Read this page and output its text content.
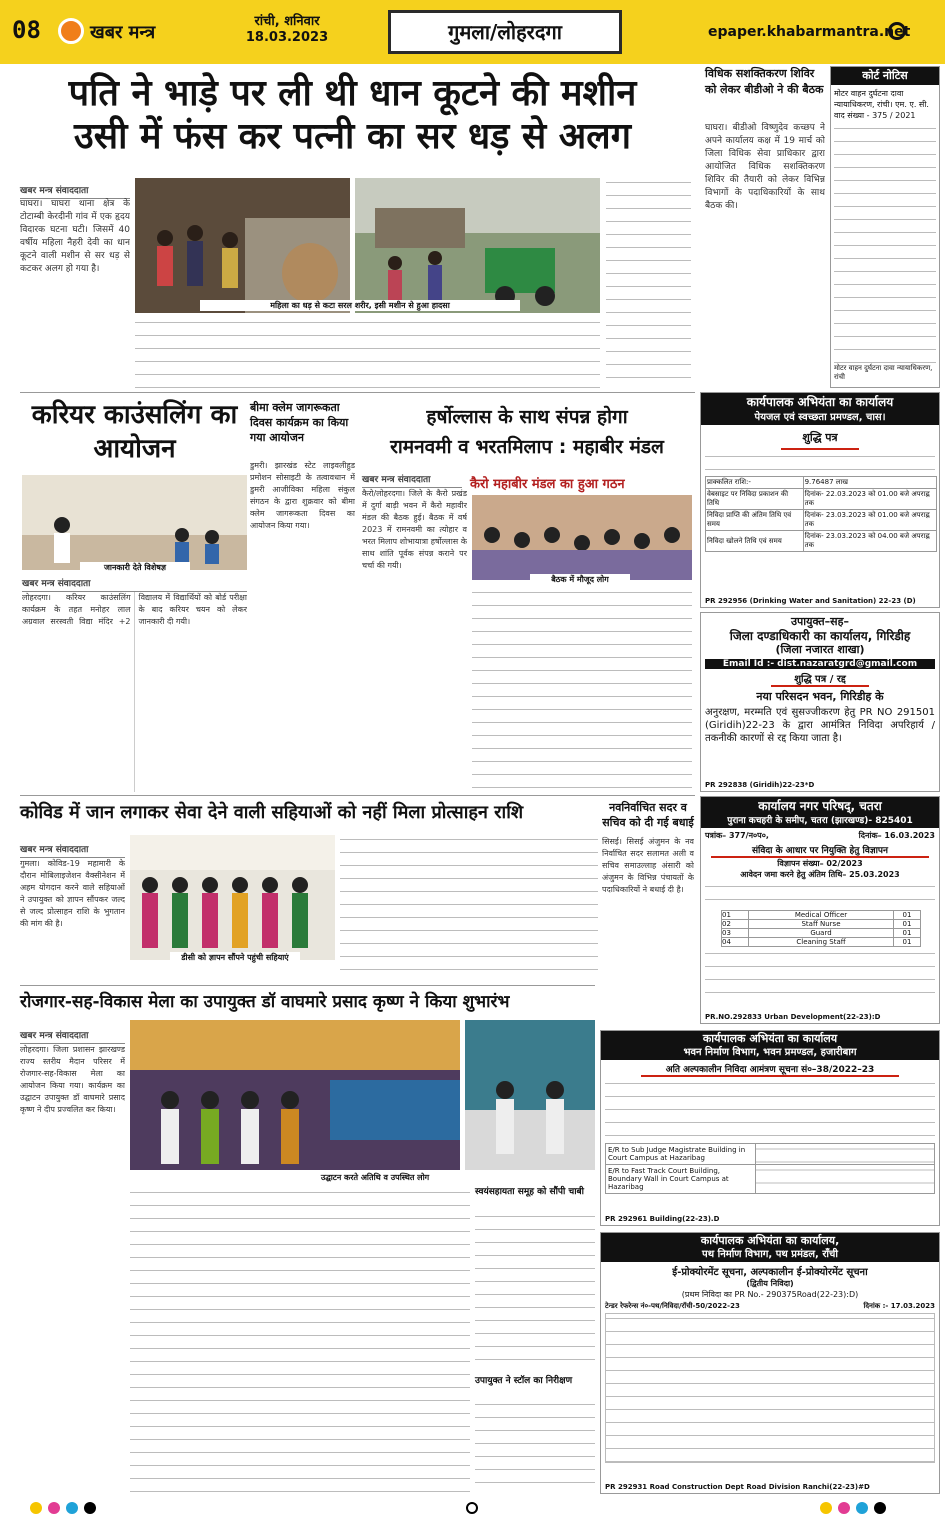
08	खबर मन्त्र
रांची, शनिवार
18.03.2023	गुमला/लोहरदगा	epaper.khabarmantra.net
पति ने भाड़े पर ली थी धान कूटने की मशीन
उसी में फंस कर पत्नी का सर धड़ से अलग
खबर मन्त्र संवाददाता
घाघरा। घाघरा थाना क्षेत्र के टोटाम्बी केरदीनी गांव में एक हृदय विदारक घटना घटी। जिसमें 40 वर्षीय महिला नैहरी देवी का धान कूटने वाली मशीन से सर धड़ से कटकर अलग हो गया है।
महिला का धड़ से कटा सरल शरीर, इसी मशीन से हुआ हादसा
विधिक सशक्तिकरण शिविर को लेकर बीडीओ ने की बैठक
घाघरा। बीडीओ विष्णुदेव कच्छप ने अपने कार्यालय कक्ष में 19 मार्च को जिला विधिक सेवा प्राधिकार द्वारा आयोजित विधिक सशक्तिकरण शिविर की तैयारी को लेकर विभिन्न विभागों के पदाधिकारियों के साथ बैठक की।
कोर्ट नोटिस
मोटर वाहन दुर्घटना दावा न्यायाधिकरण, रांची। एम. ए. सी. वाद संख्या - 375 / 2021
मोटर वाहन दुर्घटना दावा न्यायाधिकरण, रांची
करियर काउंसलिंग का आयोजन
जानकारी देते विशेषज्ञ
खबर मन्त्र संवाददाता
लोहरदगा। करियर काउंसलिंग कार्यक्रम के तहत मनोहर लाल अग्रवाल सरस्वती विद्या मंदिर +2 विद्यालय में विद्यार्थियों को बोर्ड परीक्षा के बाद करियर चयन को लेकर जानकारी दी गयी।
बीमा क्लेम जागरूकता दिवस कार्यक्रम का किया गया आयोजन
डुमरी। झारखंड स्टेट लाइवलीहुड प्रमोशन सोसाइटी के तत्वावधान में डुमरी आजीविका महिला संकुल संगठन के द्वारा शुक्रवार को बीमा क्लेम जागरूकता दिवस का आयोजन किया गया।
हर्षोल्लास के साथ संपन्न होगा
रामनवमी व भरतमिलाप : महाबीर मंडल
खबर मन्त्र संवाददाता	कैरो महाबीर मंडल का हुआ गठन
कैरो/लोहरदगा। जिले के कैरो प्रखंड में दुर्गा बाड़ी भवन में कैरो महावीर मंडल की बैठक हुई। बैठक में वर्ष 2023 में रामनवमी का त्योहार व भरत मिलाप शोभायात्रा हर्षोल्लास के साथ शांति पूर्वक संपन्न कराने पर चर्चा की गयी।
बैठक में मौजूद लोग
कार्यपालक अभियंता का कार्यालय
पेयजल एवं स्वच्छता प्रमण्डल, चास।
शुद्धि पत्र
प्राक्कलित राशि:-	9.76487 लाख
वेबसाइट पर निविदा प्रकाशन की तिथि	दिनांक- 22.03.2023 को 01.00 बजे अपराह्न तक
निविदा प्राप्ति की अंतिम तिथि एवं समय	दिनांक- 23.03.2023 को 01.00 बजे अपराह्न तक
निविदा खोलने तिथि एवं समय	दिनांक- 23.03.2023 को 04.00 बजे अपराह्न तक
PR 292956 (Drinking Water and Sanitation) 22-23 (D)
उपायुक्त–सह–
जिला दण्डाधिकारी का कार्यालय, गिरिडीह
(जिला नजारत शाखा)
Email Id :- dist.nazaratgrd@gmail.com
शुद्धि पत्र / रद्द
नया परिसदन भवन, गिरिडीह के
अनुरक्षण, मरम्मति एवं सुसज्जीकरण हेतु PR NO 291501 (Giridih)22-23 के द्वारा आमंत्रित निविदा अपरिहार्य / तकनीकी कारणों से रद्द किया जाता है।
PR 292838 (Giridih)22-23*D
कोविड में जान लगाकर सेवा देने वाली सहियाओं को नहीं मिला प्रोत्साहन राशि
खबर मन्त्र संवाददाता
गुमला। कोविड-19 महामारी के दौरान मोबिलाइजेशन वैक्सीनेशन में अहम योगदान करने वाले सहियाओं ने उपायुक्त को ज्ञापन सौंपकर जल्द से जल्द प्रोत्साहन राशि के भुगतान की मांग की है।
डीसी को ज्ञापन सौंपने पहुंची सहियाएं
नवनिर्वाचित सदर व सचिव को दी गई बधाई
सिसई। सिसई अंजुमन के नव निर्वाचित सदर सलामत अली व सचिव समाउल्लाह अंसारी को अंजुमन के विभिन्न पंचायतों के पदाधिकारियों ने बधाई दी है।
कार्यालय नगर परिषद्, चतरा
पुराना कचहरी के समीप, चतरा (झारखण्ड)- 825401
पत्रांक– 377/न०प०,	दिनांक– 16.03.2023
संविदा के आधार पर नियुक्ति हेतु विज्ञापन
विज्ञापन संख्या– 02/2023
आवेदन जमा करने हेतु अंतिम तिथि– 25.03.2023
01	Medical Officer	01
02	Staff Nurse	01
03	Guard	01
04	Cleaning Staff	01
PR.NO.292833 Urban Development(22-23):D
रोजगार-सह-विकास मेला का उपायुक्त डॉ वाघमारे प्रसाद कृष्ण ने किया शुभारंभ
खबर मन्त्र संवाददाता
लोहरदगा। जिला प्रशासन झारखण्ड राज्य स्तरीय मैदान परिसर में रोजगार-सह-विकास मेला का आयोजन किया गया। कार्यक्रम का उद्घाटन उपायुक्त डॉ वाघमारे प्रसाद कृष्ण ने दीप प्रज्वलित कर किया।
उद्घाटन करते अतिथि व उपस्थित लोग
स्वयंसहायता समूह को सौंपी चाबी
उपायुक्त ने स्टॉल का निरीक्षण
कार्यपालक अभियंता का कार्यालय
भवन निर्माण विभाग, भवन प्रमण्डल, हजारीबाग
अति अल्पकालीन निविदा आमंत्रण सूचना सं०–38/2022–23
E/R to Sub Judge Magistrate Building in Court Campus at Hazaribag	
E/R to Fast Track Court Building, Boundary Wall in Court Campus at Hazaribag	
PR 292961 Building(22-23).D
कार्यपालक अभियंता का कार्यालय,
पथ निर्माण विभाग, पथ प्रमंडल, राँची
ई-प्रोक्योरमेंट सूचना, अल्पकालीन ई-प्रोक्योरमेंट सूचना
(द्वितीय निविदा)
(प्रथम निविदा का PR No.- 290375Road(22-23):D)
टेन्डर रेफरेन्स नं०-पथ/निविदा/रॉची-50/2022-23	दिनांक :- 17.03.2023
PR 292931 Road Construction Dept Road Division Ranchi(22-23)#D
